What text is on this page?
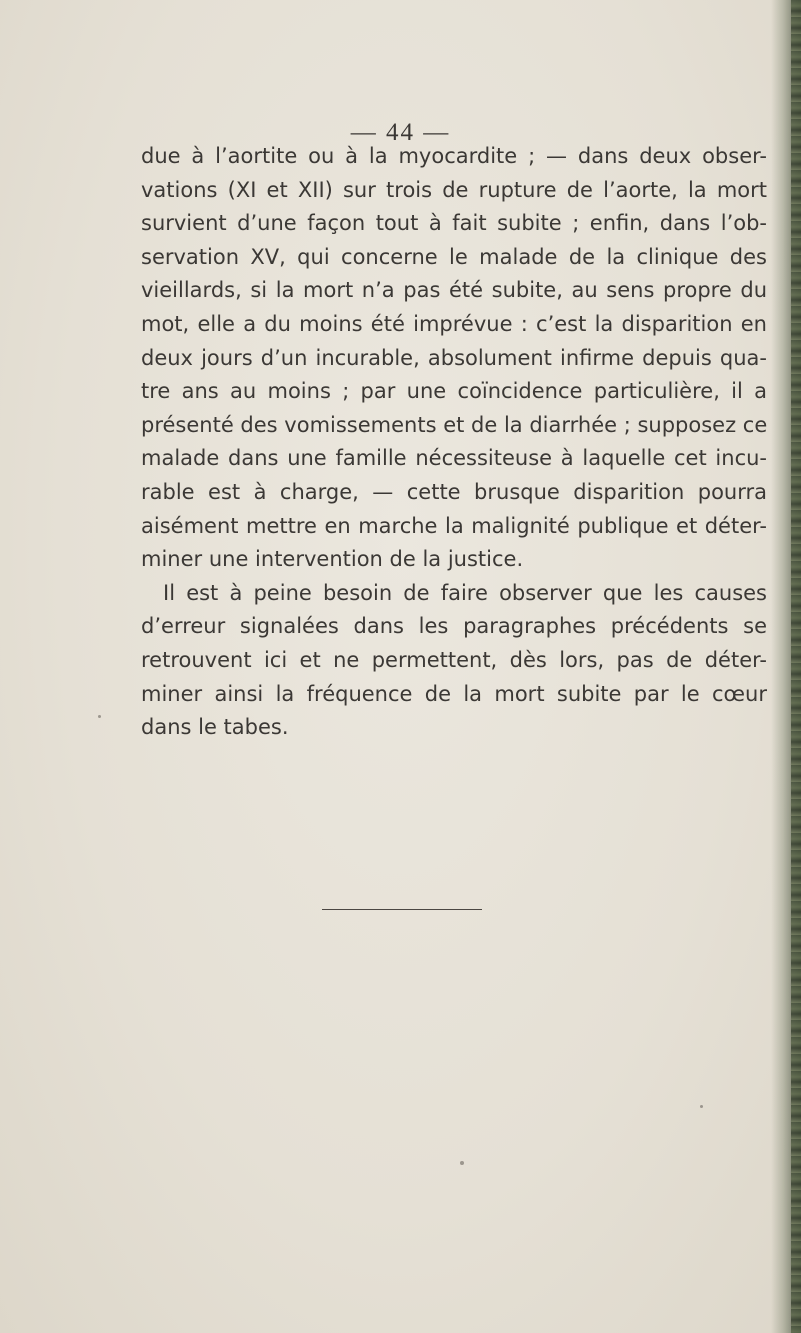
— 44 —

due à l’aortite ou à la myocardite ; — dans deux obser-
vations (XI et XII) sur trois de rupture de l’aorte, la mort
survient d’une façon tout à fait subite ; enfin, dans l’ob-
servation XV, qui concerne le malade de la clinique des
vieillards, si la mort n’a pas été subite, au sens propre du
mot, elle a du moins été imprévue : c’est la disparition en
deux jours d’un incurable, absolument infirme depuis qua-
tre ans au moins ; par une coïncidence particulière, il a
présenté des vomissements et de la diarrhée ; supposez ce
malade dans une famille nécessiteuse à laquelle cet incu-
rable est à charge, — cette brusque disparition pourra
aisément mettre en marche la malignité publique et déter-
miner une intervention de la justice.

Il est à peine besoin de faire observer que les causes
d’erreur signalées dans les paragraphes précédents se
retrouvent ici et ne permettent, dès lors, pas de déter-
miner ainsi la fréquence de la mort subite par le cœur
dans le tabes.
